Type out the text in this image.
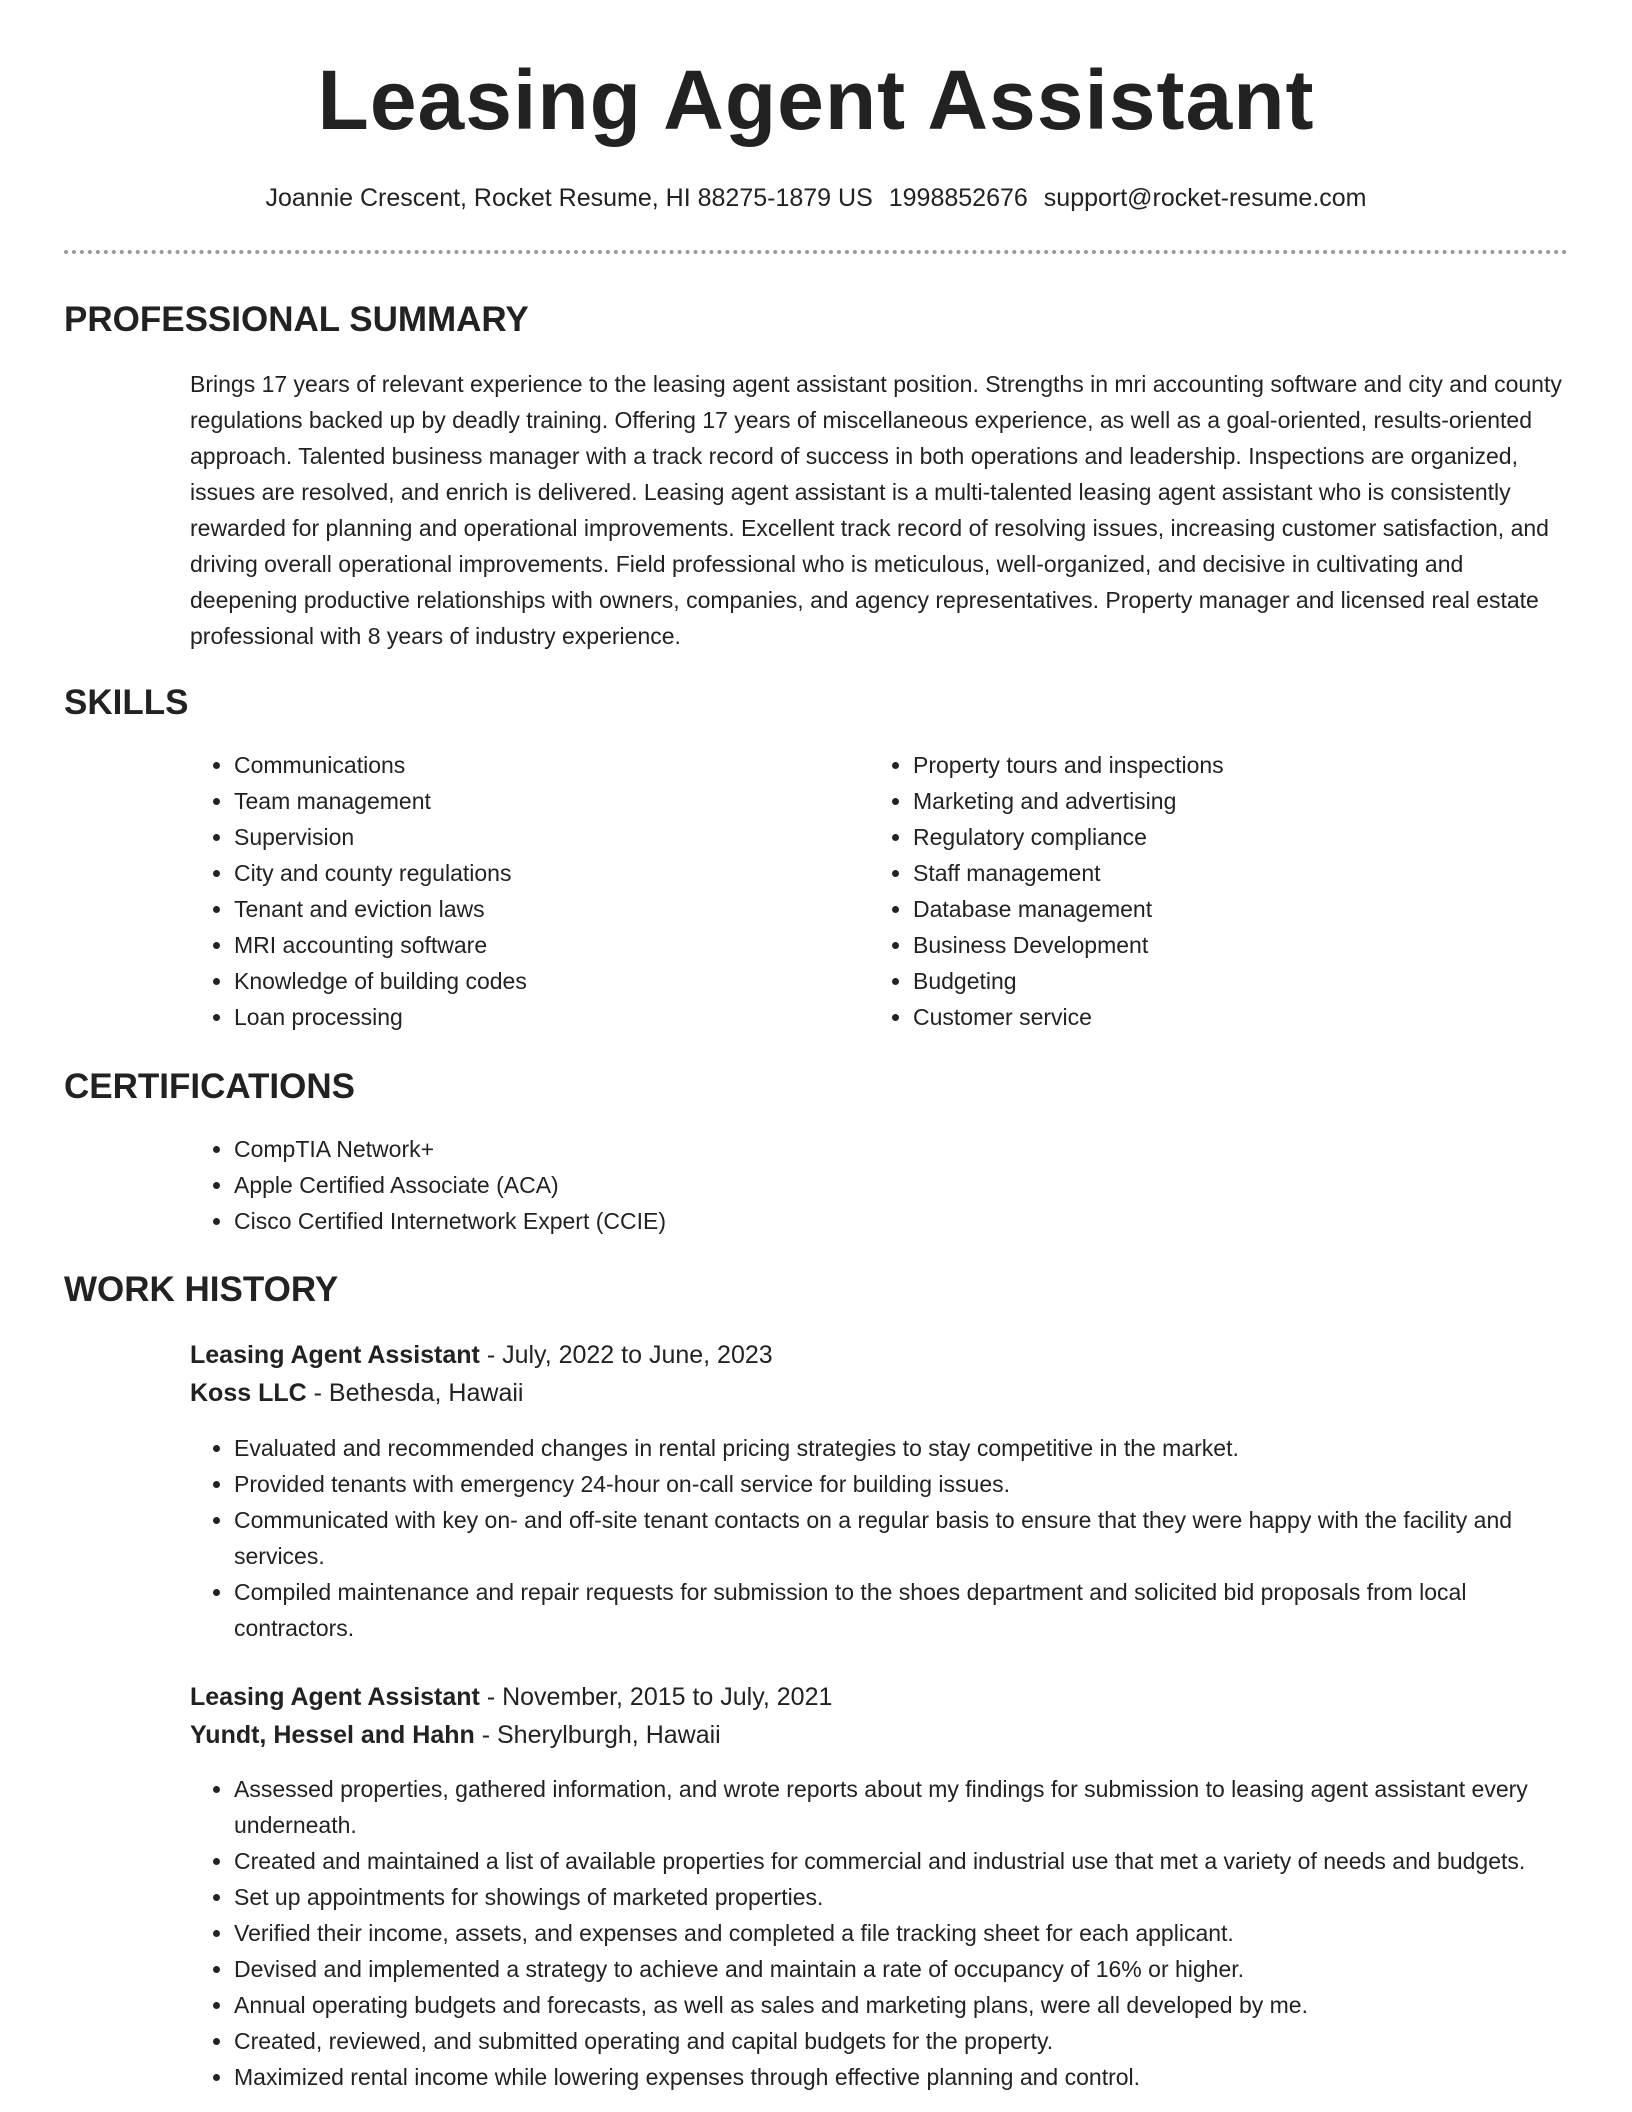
Leasing Agent Assistant
Joannie Crescent, Rocket Resume, HI 88275-1879 US 1998852676 support@rocket-resume.com
PROFESSIONAL SUMMARY

Brings 17 years of relevant experience to the leasing agent assistant position. Strengths in mri accounting software and city and county regulations backed up by deadly training. Offering 17 years of miscellaneous experience, as well as a goal-oriented, results-oriented approach. Talented business manager with a track record of success in both operations and leadership. Inspections are organized, issues are resolved, and enrich is delivered. Leasing agent assistant is a multi-talented leasing agent assistant who is consistently rewarded for planning and operational improvements. Excellent track record of resolving issues, increasing customer satisfaction, and driving overall operational improvements. Field professional who is meticulous, well-organized, and decisive in cultivating and deepening productive relationships with owners, companies, and agency representatives. Property manager and licensed real estate professional with 8 years of industry experience.

SKILLS
• Communications
• Team management
• Supervision
• City and county regulations
• Tenant and eviction laws
• MRI accounting software
• Knowledge of building codes
• Loan processing
• Property tours and inspections
• Marketing and advertising
• Regulatory compliance
• Staff management
• Database management
• Business Development
• Budgeting
• Customer service
CERTIFICATIONS
• CompTIA Network+
• Apple Certified Associate (ACA)
• Cisco Certified Internetwork Expert (CCIE)
WORK HISTORY
Leasing Agent Assistant - July, 2022 to June, 2023
Koss LLC - Bethesda, Hawaii
• Evaluated and recommended changes in rental pricing strategies to stay competitive in the market.
• Provided tenants with emergency 24-hour on-call service for building issues.
• Communicated with key on- and off-site tenant contacts on a regular basis to ensure that they were happy with the facility and services.
• Compiled maintenance and repair requests for submission to the shoes department and solicited bid proposals from local contractors.
Leasing Agent Assistant - November, 2015 to July, 2021
Yundt, Hessel and Hahn - Sherylburgh, Hawaii
• Assessed properties, gathered information, and wrote reports about my findings for submission to leasing agent assistant every underneath.
• Created and maintained a list of available properties for commercial and industrial use that met a variety of needs and budgets.
• Set up appointments for showings of marketed properties.
• Verified their income, assets, and expenses and completed a file tracking sheet for each applicant.
• Devised and implemented a strategy to achieve and maintain a rate of occupancy of 16% or higher.
• Annual operating budgets and forecasts, as well as sales and marketing plans, were all developed by me.
• Created, reviewed, and submitted operating and capital budgets for the property.
• Maximized rental income while lowering expenses through effective planning and control.
